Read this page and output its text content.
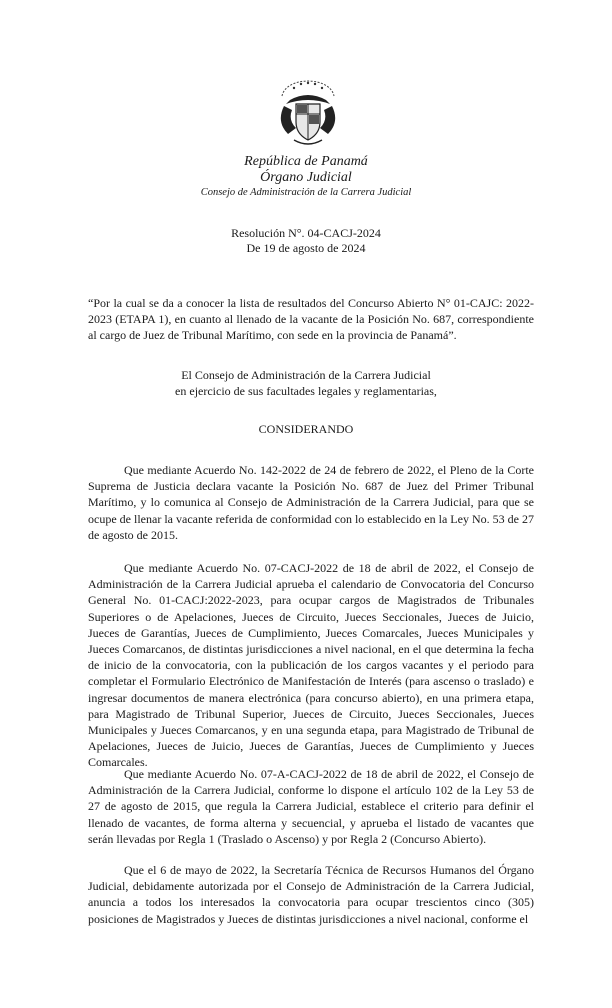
República de Panamá
Órgano Judicial
Consejo de Administración de la Carrera Judicial
Resolución N°. 04-CACJ-2024
De 19 de agosto de 2024
“Por la cual se da a conocer la lista de resultados del Concurso Abierto N° 01-CAJC: 2022-2023 (ETAPA 1), en cuanto al llenado de la vacante de la Posición No. 687, correspondiente al cargo de Juez de Tribunal Marítimo, con sede en la provincia de Panamá”.
El Consejo de Administración de la Carrera Judicial
en ejercicio de sus facultades legales y reglamentarias,
CONSIDERANDO
Que mediante Acuerdo No. 142-2022 de 24 de febrero de 2022, el Pleno de la Corte Suprema de Justicia declara vacante la Posición No. 687 de Juez del Primer Tribunal Marítimo, y lo comunica al Consejo de Administración de la Carrera Judicial, para que se ocupe de llenar la vacante referida de conformidad con lo establecido en la Ley No. 53 de 27 de agosto de 2015.
Que mediante Acuerdo No. 07-CACJ-2022 de 18 de abril de 2022, el Consejo de Administración de la Carrera Judicial aprueba el calendario de Convocatoria del Concurso General No. 01-CACJ:2022-2023, para ocupar cargos de Magistrados de Tribunales Superiores o de Apelaciones, Jueces de Circuito, Jueces Seccionales, Jueces de Juicio, Jueces de Garantías, Jueces de Cumplimiento, Jueces Comarcales, Jueces Municipales y Jueces Comarcanos, de distintas jurisdicciones a nivel nacional, en el que determina la fecha de inicio de la convocatoria, con la publicación de los cargos vacantes y el periodo para completar el Formulario Electrónico de Manifestación de Interés (para ascenso o traslado) e ingresar documentos de manera electrónica (para concurso abierto), en una primera etapa, para Magistrado de Tribunal Superior, Jueces de Circuito, Jueces Seccionales, Jueces Municipales y Jueces Comarcanos, y en una segunda etapa, para Magistrado de Tribunal de Apelaciones, Jueces de Juicio, Jueces de Garantías, Jueces de Cumplimiento y Jueces Comarcales.
Que mediante Acuerdo No. 07-A-CACJ-2022 de 18 de abril de 2022, el Consejo de Administración de la Carrera Judicial, conforme lo dispone el artículo 102 de la Ley 53 de 27 de agosto de 2015, que regula la Carrera Judicial, establece el criterio para definir el llenado de vacantes, de forma alterna y secuencial, y aprueba el listado de vacantes que serán llevadas por Regla 1 (Traslado o Ascenso) y por Regla 2 (Concurso Abierto).
Que el 6 de mayo de 2022, la Secretaría Técnica de Recursos Humanos del Órgano Judicial, debidamente autorizada por el Consejo de Administración de la Carrera Judicial, anuncia a todos los interesados la convocatoria para ocupar trescientos cinco (305) posiciones de Magistrados y Jueces de distintas jurisdicciones a nivel nacional, conforme el
